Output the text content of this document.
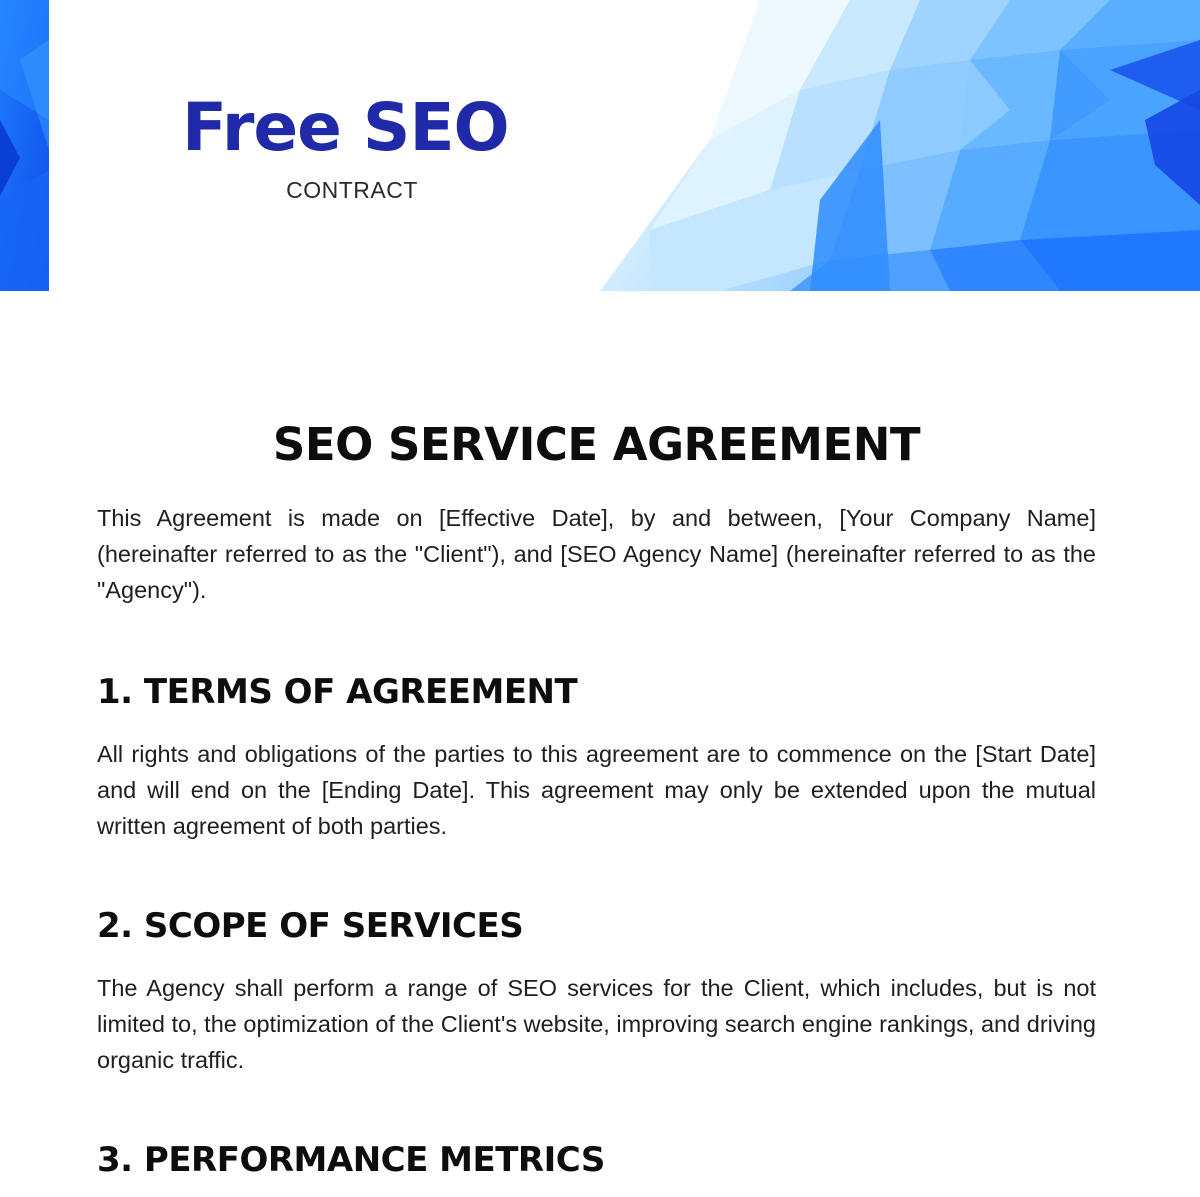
Free SEO
CONTRACT
SEO SERVICE AGREEMENT

This Agreement is made on [Effective Date], by and between, [Your Company Name] (hereinafter referred to as the "Client"), and [SEO Agency Name] (hereinafter referred to as the "Agency").

1. TERMS OF AGREEMENT

All rights and obligations of the parties to this agreement are to commence on the [Start Date] and will end on the [Ending Date]. This agreement may only be extended upon the mutual written agreement of both parties.

2. SCOPE OF SERVICES

The Agency shall perform a range of SEO services for the Client, which includes, but is not limited to, the optimization of the Client's website, improving search engine rankings, and driving organic traffic.

3. PERFORMANCE METRICS
